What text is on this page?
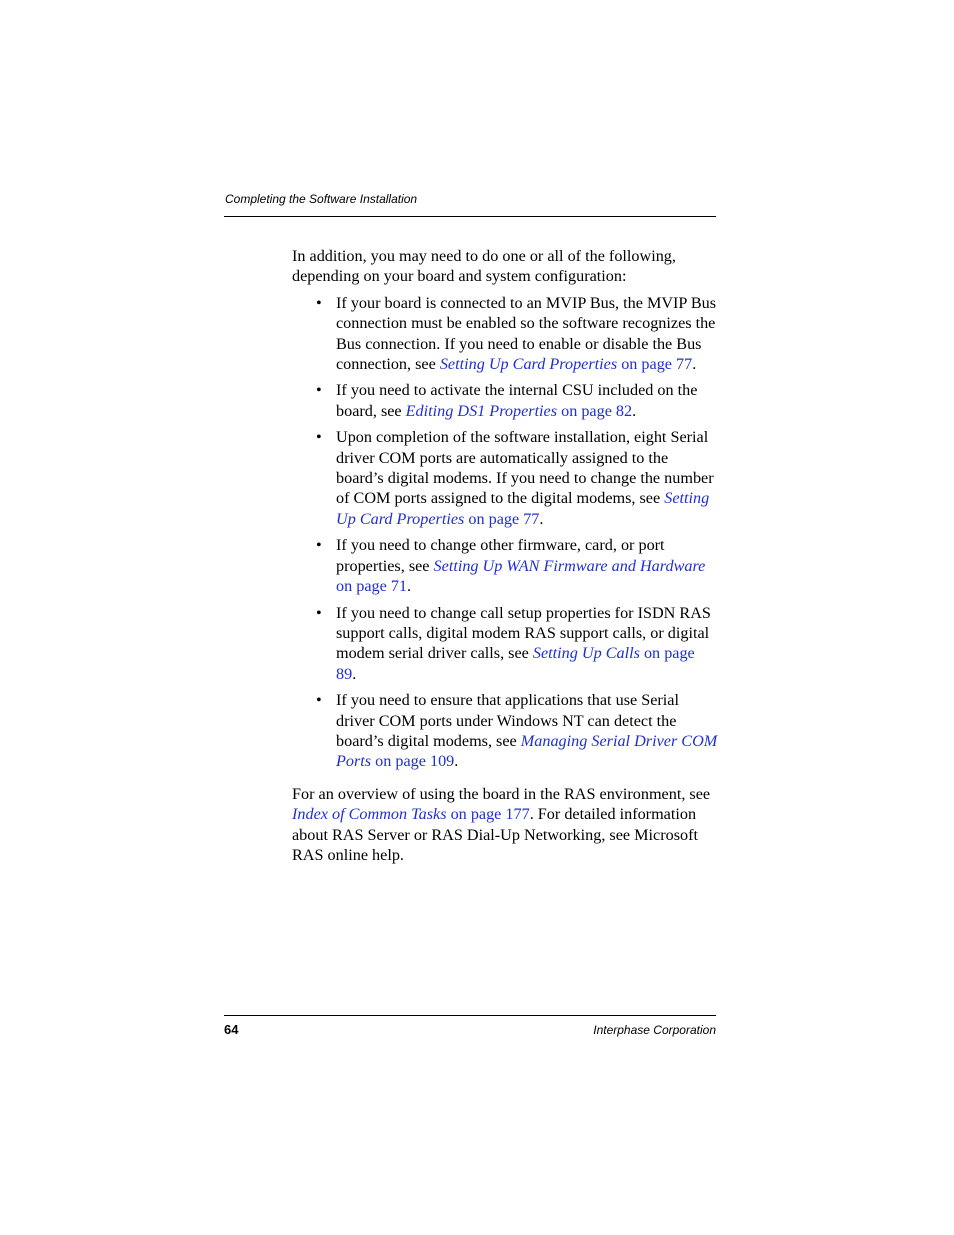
Completing the Software Installation

In addition, you may need to do one or all of the following, depending on your board and system configuration:

• If your board is connected to an MVIP Bus, the MVIP Bus connection must be enabled so the software recognizes the Bus connection. If you need to enable or disable the Bus connection, see Setting Up Card Properties on page 77.
• If you need to activate the internal CSU included on the board, see Editing DS1 Properties on page 82.
• Upon completion of the software installation, eight Serial driver COM ports are automatically assigned to the board’s digital modems. If you need to change the number of COM ports assigned to the digital modems, see Setting Up Card Properties on page 77.
• If you need to change other firmware, card, or port properties, see Setting Up WAN Firmware and Hardware on page 71.
• If you need to change call setup properties for ISDN RAS support calls, digital modem RAS support calls, or digital modem serial driver calls, see Setting Up Calls on page 89.
• If you need to ensure that applications that use Serial driver COM ports under Windows NT can detect the board’s digital modems, see Managing Serial Driver COM Ports on page 109.

For an overview of using the board in the RAS environment, see Index of Common Tasks on page 177. For detailed information about RAS Server or RAS Dial-Up Networking, see Microsoft RAS online help.

64	Interphase Corporation
